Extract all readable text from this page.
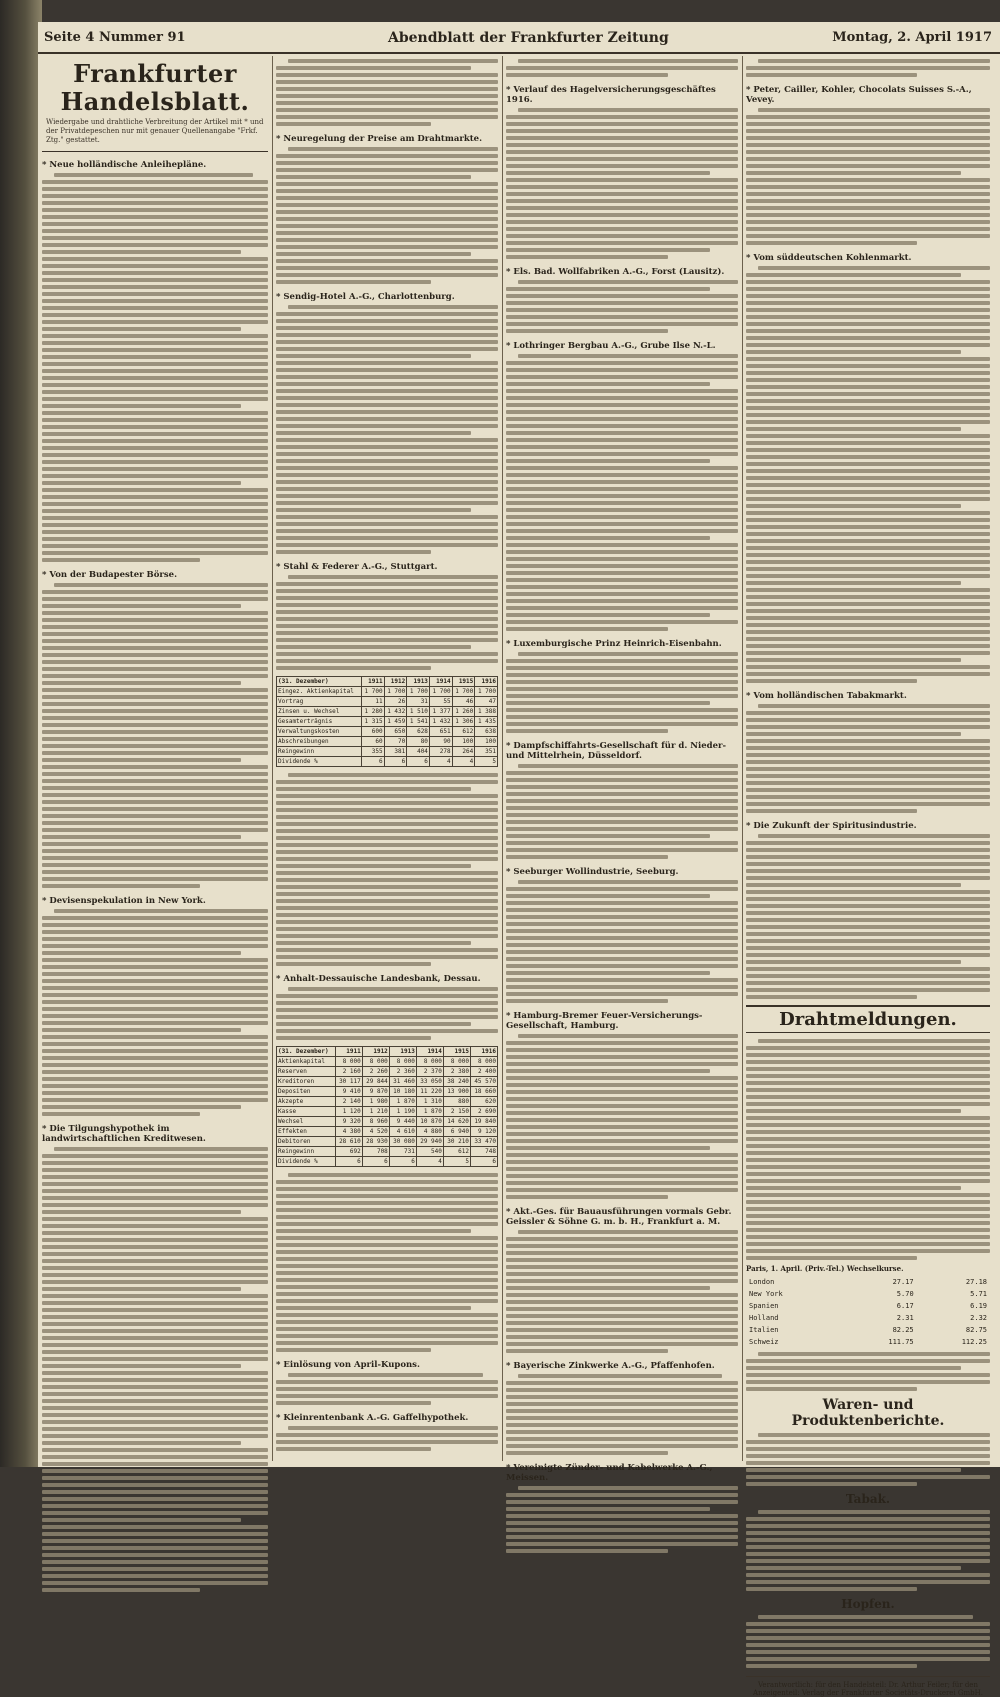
Seite 4 Nummer 91	Abendblatt der Frankfurter Zeitung	Montag, 2. April 1917
Frankfurter Handelsblatt.
Wiedergabe und drahtliche Verbreitung der Artikel mit * und der Privatdepeschen nur mit genauer Quellenangabe "Frkf. Ztg." gestattet.
* Neue holländische Anleihepläne.
* Von der Budapester Börse.
* Devisenspekulation in New York.
* Die Tilgungshypothek im landwirtschaftlichen Kreditwesen.
* Neuregelung der Preise am Drahtmarkte.
* Sendig-Hotel A.-G., Charlottenburg.
* Stahl & Federer A.-G., Stuttgart.
(31. Dezember)	1911	1912	1913	1914	1915	1916
Eingez. Aktienkapital	1 700	1 700	1 700	1 700	1 700	1 700
Vortrag	11	26	31	55	46	47
Zinsen u. Wechsel	1 280	1 432	1 510	1 377	1 260	1 388
Gesamterträgnis	1 315	1 459	1 541	1 432	1 306	1 435
Verwaltungskosten	600	650	628	651	612	638
Abschreibungen	60	70	80	90	100	100
Reingewinn	355	381	404	278	264	351
Dividende %	6	6	6	4	4	5
* Anhalt-Dessauische Landesbank, Dessau.
(31. Dezember)	1911	1912	1913	1914	1915	1916
Aktienkapital	8 000	8 000	8 000	8 000	8 000	8 000
Reserven	2 160	2 260	2 360	2 370	2 380	2 400
Kreditoren	30 117	29 844	31 460	33 050	38 240	45 570
Depositen	9 410	9 870	10 180	11 220	13 900	18 660
Akzepte	2 140	1 980	1 870	1 310	880	620
Kasse	1 120	1 210	1 190	1 870	2 150	2 690
Wechsel	9 320	8 960	9 440	10 870	14 620	19 840
Effekten	4 380	4 520	4 610	4 880	6 940	9 120
Debitoren	28 610	28 930	30 080	29 940	30 210	33 470
Reingewinn	692	708	731	540	612	748
Dividende %	6	6	6	4	5	6
* Einlösung von April-Kupons.
* Kleinrentenbank A.-G. Gaffelhypothek.
* Verlauf des Hagelversicherungsgeschäftes 1916.
* Els. Bad. Wollfabriken A.-G., Forst (Lausitz).
* Lothringer Bergbau A.-G., Grube Ilse N.-L.
* Luxemburgische Prinz Heinrich-Eisenbahn.
* Dampfschiffahrts-Gesellschaft für d. Nieder- und Mittelrhein, Düsseldorf.
* Seeburger Wollindustrie, Seeburg.
* Hamburg-Bremer Feuer-Versicherungs-Gesellschaft, Hamburg.
* Akt.-Ges. für Bauausführungen vormals Gebr. Geissler & Söhne G. m. b. H., Frankfurt a. M.
* Bayerische Zinkwerke A.-G., Pfaffenhofen.
* Vereinigte Zünder- und Kabelwerke A.-G., Meissen.
* Peter, Cailler, Kohler, Chocolats Suisses S.-A., Vevey.
* Vom süddeutschen Kohlenmarkt.
* Vom holländischen Tabakmarkt.
* Die Zukunft der Spiritusindustrie.
Drahtmeldungen.
Paris, 1. April. (Priv.-Tel.) Wechselkurse.
London	27.17	27.18
New York	5.70	5.71
Spanien	6.17	6.19
Holland	2.31	2.32
Italien	82.25	82.75
Schweiz	111.75	112.25
Waren- und Produktenberichte.
Tabak.
Hopfen.
Verantwortlich: für den Handelsteil: Dr. Arthur Feiler; für den Anzeigenteil: Verlag der Frankfurter Societäts-Druckerei GmbH.
